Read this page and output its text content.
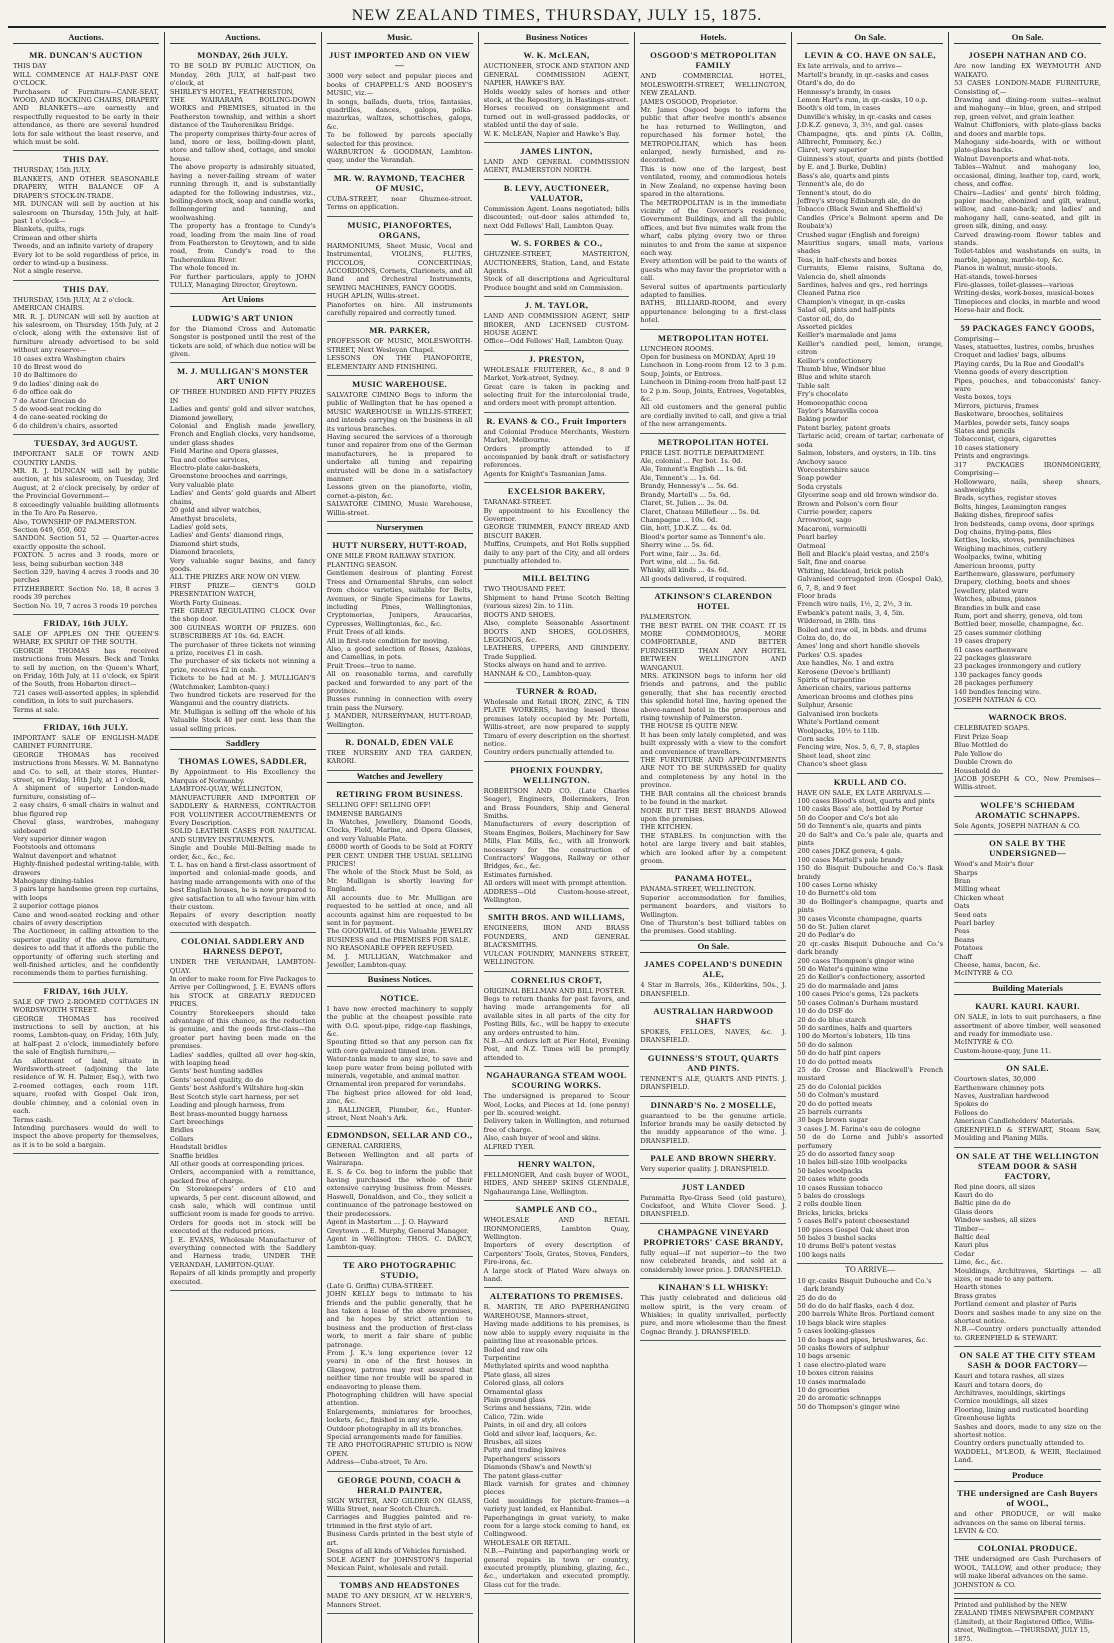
NEW ZEALAND TIMES, THURSDAY, JULY 15, 1875.
Auctions.
MR. DUNCAN'S AUCTION
THIS DAY
WILL COMMENCE AT HALF-PAST ONE O'CLOCK.
Purchasers of Furniture—CANE-SEAT, WOOD, AND ROCKING CHAIRS, DRAPERY AND BLANKETS—are earnestly and respectfully requested to be early in their attendance, as there are several hundred lots for sale without the least reserve, and which must be sold.
THIS DAY.
THURSDAY, 15th JULY.
BLANKETS, AND OTHER SEASONABLE DRAPERY, WITH BALANCE OF A DRAPER'S STOCK-IN-TRADE.
MR. DUNCAN will sell by auction at his salesroom on Thursday, 15th July, at half-past 1 o'clock—
Blankets, quilts, rugs
Crimean and other shirts
Tweeds, and an infinite variety of drapery
Every lot to be sold regardless of price, in order to wind-up a business.
Not a single reserve.
THIS DAY.
THURSDAY, 15th JULY, At 2 o'clock.
AMERICAN CHAIRS.
MR. R. J. DUNCAN will sell by auction at his salesroom, on Thursday, 15th July, at 2 o'clock, along with the extensive list of furniture already advertised to be sold without any reserve—
10 cases extra Washington chairs
10 do Brest wood do
10 do Baltimore do
9 do ladies' dining oak do
6 do office oak do
7 do Astor Grecian do
5 do wood-seat rocking do
4 do cane-seated rocking do
6 do children's chairs, assorted
TUESDAY, 3rd AUGUST.
IMPORTANT SALE OF TOWN AND COUNTRY LANDS.
MR. R. J. DUNCAN will sell by public auction, at his salesroom, on Tuesday, 3rd August, at 2 o'clock precisely, by order of the Provincial Government—
8 exceedingly valuable building allotments in the Te Aro Pa Reserve.
Also, TOWNSHIP OF PALMERSTON.
Section 649, 650, 602
SANDON. Section 51, 52 — Quarter-acres exactly opposite the school.
FOXTON. 5 acres and 3 roods, more or less, being suburban section 348
Section 329, having 4 acres 3 roods and 30 perches
FITZHERBERT. Section No. 18, 8 acres 3 roods 39 perches
Section No. 19, 7 acres 3 roods 19 perches
FRIDAY, 16th JULY.
SALE OF APPLES ON THE QUEEN'S WHARF, EX SPIRIT OF THE SOUTH.
GEORGE THOMAS has received instructions from Messrs. Beck and Tonks to sell by auction, on the Queen's Wharf, on Friday, 16th July, at 11 o'clock, ex Spirit of the South, from Hobarton direct—
721 cases well-assorted apples, in splendid condition, in lots to suit purchasers.
Terms at sale.
FRIDAY, 16th JULY.
IMPORTANT SALE OF ENGLISH-MADE CABINET FURNITURE.
GEORGE THOMAS has received instructions from Messrs. W. M. Bannatyne and Co. to sell, at their stores, Hunter-street, on Friday, 16th July, at 1 o'clock,
A shipment of superior London-made furniture, consisting of—
2 easy chairs, 6 small chairs in walnut and blue figured rep
Cheval glass, wardrobes, mahogany sideboard
Very superior dinner wagon
Footstools and ottomans
Walnut davenport and whatnot
Highly-finished pedestal writing-table, with drawers
Mahogany dining-tables
3 pairs large handsome green rep curtains, with loops
2 superior cottage pianos
Cane and wood-seated rocking and other chairs of every description
The Auctioneer, in calling attention to the superior quality of the above furniture, desires to add that it affords the public the opportunity of offering such sterling and well-finished articles, and he confidently recommends them to parties furnishing.
FRIDAY, 16th JULY.
SALE OF TWO 2-ROOMED COTTAGES IN WORDSWORTH STREET.
GEORGE THOMAS has received instructions to sell by auction, at his rooms, Lambton-quay, on Friday, 16th July, at half-past 2 o'clock, immediately before the sale of English furniture,—
An allotment of land, situate in Wordsworth-street (adjoining the late residence of W. H. Palmer, Esq.), with two 2-roomed cottages, each room 11ft. square, roofed with Gospel Oak iron, double chimney, and a colonial oven in each.
Terms cash.
Intending purchasers would do well to inspect the above property for themselves, as it is to be sold a bargain.
Auctions.
MONDAY, 26th JULY.
TO BE SOLD BY PUBLIC AUCTION, On Monday, 26th JULY, at half-past two o'clock, at
SHIRLEY'S HOTEL, FEATHERSTON,
THE WAIRARAPA BOILING-DOWN WORKS and PREMISES, situated in the Featherston township, and within a short distance of the Tauherenikau Bridge.
The property comprises thirty-four acres of land, more or less, boiling-down plant, store and tallow shed, cottage, and smoke house.
The above property is admirably situated, having a never-failing stream of water running through it, and is substantially adapted for the following industries, viz., boiling-down stock, soap and candle works, fellmongering and tanning, and woolwashing.
The property has a frontage to Cundy's road, leading from the main line of road from Featherston to Greytown, and to side road, from Cundy's road to the Tauherenikau River.
The whole fenced in.
For further particulars, apply to JOHN TULLY, Managing Director, Greytown.
Art Unions
LUDWIG'S ART UNION
for the Diamond Cross and Automatic Songster is postponed until the rest of the tickets are sold, of which due notice will be given.
M. J. MULLIGAN'S MONSTER ART UNION
OF THREE HUNDRED AND FIFTY PRIZES IN
Ladies and gents' gold and silver watches, Diamond jewellery,
Colonial and English made jewellery, French and English clocks, very handsome, under glass shades
Field Marine and Opera glasses,
Tea and coffee services,
Electro-plate cake-baskets,
Greenstone brooches and earrings,
Very valuable plate
Ladies' and Gents' gold guards and Albert chains,
20 gold and silver watches,
Amethyst bracelets,
Ladies' gold sets,
Ladies' and Gents' diamond rings,
Diamond shirt studs,
Diamond bracelets,
Very valuable sugar basins, and fancy goods.
ALL THE PRIZES ARE NOW ON VIEW.
FIRST PRIZE— GENT'S GOLD PRESENTATION WATCH,
Worth Forty Guineas.
THE GREAT REGULATING CLOCK Over the shop door.
300 GUINEAS WORTH OF PRIZES. 600 SUBSCRIBERS AT 10s. 6d. EACH.
The purchaser of three tickets not winning a prize, receives £1 in cash.
The purchaser of six tickets not winning a prize, receives £2 in cash.
Tickets to be had at M. J. MULLIGAN'S (Watchmaker, Lambton-quay.)
Two hundred tickets are reserved for the Wanganui and the country districts.
Mr. Mulligan is selling off the whole of his Valuable Stock 40 per cent. less than the usual selling prices.
Saddlery
THOMAS LOWES, SADDLER,
By Appointment to His Excellency the Marquis of Normanby.
LAMBTON-QUAY, WELLINGTON,
MANUFACTURER AND IMPORTER OF SADDLERY & HARNESS, CONTRACTOR FOR VOLUNTEER ACCOUTREMENTS Of Every Description.
SOLID LEATHER CASES FOR NAUTICAL AND SURVEY INSTRUMENTS.
Single and Double Mill-Belting made to order, &c., &c., &c.
T. L. has on hand a first-class assortment of imported and colonial-made goods, and having made arrangements with one of the best English houses, he is now prepared to give satisfaction to all who favour him with their custom.
Repairs of every description neatly executed with despatch.
COLONIAL SADDLERY AND HARNESS DEPOT,
UNDER THE VERANDAH, LAMBTON-QUAY.
In order to make room for Five Packages to Arrive per Collingwood, J. E. EVANS offers his STOCK at GREATLY REDUCED PRICES.
Country Storekeepers should take advantage of this chance, as the reduction is genuine, and the goods first-class—the greater part having been made on the premises.
Ladies' saddles, quilted all over hog-skin, with leaping head
Gents' best hunting saddles
Gents' second quality, do do
Gents' best Ashford's Wiltshire hog-skin
Best Scotch style cart harness, per set
Leading and plough harness, from
Best brass-mounted buggy harness
Cart breechings
Bridles
Collars
Headstall bridles
Snaffle bridles
All other goods at corresponding prices.
Orders, accompanied with a remittance, packed free of charge.
On Storekeepers' orders of £10 and upwards, 5 per cent. discount allowed, and cash sale, which will continue until sufficient room is made for goods to arrive.
Orders for goods not in stock will be executed at the reduced prices.
J. E. EVANS, Wholesale Manufacturer of everything connected with the Saddlery and Harness trade, UNDER THE VERANDAH, LAMBTON-QUAY.
Repairs of all kinds promptly and properly executed.
Music.
JUST IMPORTED AND ON VIEW—
3000 very select and popular pieces and books of CHAPPELL'S AND BOOSEY'S MUSIC, viz.—
In songs, ballads, duets, trios, fantasias, quadrilles, dances, galops, polka-mazurkas, waltzes, schottisches, galops, &c.
To be followed by parcels specially selected for this province.
WARBURTON & GOODMAN, Lambton-quay, under the Verandah.
MR. W. RAYMOND, TEACHER OF MUSIC,
CUBA-STREET, near Ghuznee-street. Terms on application.
MUSIC, PIANOFORTES, ORGANS,
HARMONIUMS, Sheet Music, Vocal and Instrumental, VIOLINS, FLUTES, PICCOLOS, CONCERTINAS, ACCORDIONS, Cornets, Clarionets, and all Band and Orchestral Instruments, SEWING MACHINES, FANCY GOODS.
HUGH APLIN, Willis-street.
Pianofortes on hire. All instruments carefully repaired and correctly tuned.
MR. PARKER,
PROFESSOR OF MUSIC, MOLESWORTH-STREET, Next Wesleyan Chapel.
LESSONS ON THE PIANOFORTE, ELEMENTARY AND FINISHING.
MUSIC WAREHOUSE.
SALVATORE CIMINO Begs to inform the public of Wellington that he has opened a MUSIC WAREHOUSE in WILLIS-STREET, and intends carrying on the business in all its various branches.
Having secured the services of a thorough tuner and repairer from one of the German manufacturers, he is prepared to undertake all tuning and repairing entrusted will be done in a satisfactory manner.
Lessons given on the pianoforte, violin, cornet-a-piston, &c.
SALVATORE CIMINO, Music Warehouse, Willis-street.
Nurserymen
HUTT NURSERY, HUTT-ROAD,
ONE MILE FROM RAILWAY STATION.
PLANTING SEASON.
Gentlemen desirous of planting Forest Trees and Ornamental Shrubs, can select from choice varieties, suitable for Belts, Avenues, or Single Specimens for Lawns, including Pines, Wellingtonias, Cryptomerias, Junipers, Araucarias, Cypresses, Wellingtonias, &c., &c.
Fruit Trees of all kinds.
All in first-rate condition for moving.
Also, a good selection of Roses, Azaleas, and Camellias, in pots.
Fruit Trees—true to name.
All on reasonable terms, and carefully packed and forwarded to any part of the province.
Busses running in connection with every train pass the Nursery.
J. MANDER, NURSERYMAN, HUTT-ROAD, Wellington.
R. DONALD, EDEN VALE
TREE NURSERY AND TEA GARDEN, KARORI.
Watches and Jewellery
RETIRING FROM BUSINESS.
SELLING OFF! SELLING OFF!
IMMENSE BARGAINS
In Watches, Jewellery, Diamond Goods, Clocks, Field, Marine, and Opera Glasses, and very Valuable Plate.
£6000 worth of Goods to be Sold at FORTY PER CENT. UNDER THE USUAL SELLING PRICES!
The whole of the Stock Must be Sold, as Mr. Mulligan is shortly leaving for England.
All accounts due to Mr. Mulligan are requested to be settled at once, and all accounts against him are requested to be sent in for payment.
The GOODWILL of this Valuable JEWELRY BUSINESS and the PREMISES FOR SALE.
NO REASONABLE OFFER REFUSED.
M. J. MULLIGAN, Watchmaker and Jeweller, Lambton-quay.
Business Notices.
NOTICE.
I have now erected machinery to supply the public at the cheapest possible rate with O.G. spout-pipe, ridge-cap flashings, &c.
Spouting fitted so that any person can fix with core galvanized tinned iron.
Water-tanks made to any size, to save and keep pure water from being polluted with minerals, vegetable, and animal matter.
Ornamental iron prepared for verandahs.
The highest price allowed for old lead, zinc, &c.
J. BALLINGER, Plumber, &c., Hunter-street, Next Noah's Ark.
EDMONDSON, SELLAR AND CO.,
GENERAL CARRIERS,
Between Wellington and all parts of Wairarapa.
E. S. & Co. beg to inform the public that having purchased the whole of their extensive carrying business from Messrs. Haswell, Donaldson, and Co., they solicit a continuance of the patronage bestowed on their predecessors.
Agent in Masterton ... J. O. Hayward
Greytown ... E. Murphy, General Manager.
Agent in Wellington: THOS. C. DARCY, Lambton-quay.
TE ARO PHOTOGRAPHIC STUDIO,
(Late G. Griffin) CUBA-STREET.
JOHN KELLY begs to intimate to his friends and the public generally, that he has taken a lease of the above premises, and he hopes by strict attention to business and the production of first-class work, to merit a fair share of public patronage.
From J. K.'s long experience (over 12 years) in one of the first houses in Glasgow, patrons may rest assured that neither time nor trouble will be spared in endeavoring to please them.
Photographing children will have special attention.
Enlargements, miniatures for brooches, lockets, &c., finished in any style.
Outdoor photography in all its branches.
Special arrangements made for families.
TE ARO PHOTOGRAPHIC STUDIO is NOW OPEN.
Address—Cuba-street, Te Aro.
GEORGE POUND, COACH & HERALD PAINTER,
SIGN WRITER, AND GILDER ON GLASS, Willis Street, near Scotch Church.
Carriages and Buggies painted and re-trimmed in the first style of art.
Business Cards printed in the best style of art.
Designs of all kinds of Vehicles furnished.
SOLE AGENT for JOHNSTON'S Imperial Mexican Paint, wholesale and retail.
TOMBS AND HEADSTONES
MADE TO ANY DESIGN, AT W. HELYER'S, Manners Street.
Business Notices
W. K. McLEAN,
AUCTIONEER, STOCK AND STATION AND GENERAL COMMISSION AGENT, NAPIER, HAWKE'S BAY.
Holds weekly sales of horses and other stock, at the Repository, in Hastings-street.
Horses received on consignment and turned out in well-grassed paddocks, or stabled until the day of sale.
W. K. McLEAN, Napier and Hawke's Bay.
JAMES LINTON,
LAND AND GENERAL COMMISSION AGENT, PALMERSTON NORTH.
B. LEVY, AUCTIONEER, VALUATOR,
Commission Agent. Loans negotiated; bills discounted; out-door sales attended to, next Odd Fellows' Hall, Lambton Quay.
W. S. FORBES & CO.,
GHUZNEE-STREET, MASTERTON, AUCTIONEERS, Station, Land, and Estate Agents.
Stock of all descriptions and Agricultural Produce bought and sold on Commission.
J. M. TAYLOR,
LAND AND COMMISSION AGENT, SHIP BROKER, AND LICENSED CUSTOM-HOUSE AGENT.
Office—Odd Fellows' Hall, Lambton Quay.
J. PRESTON,
WHOLESALE FRUITERER, &c., 8 and 9 Market, York-street, Sydney.
Great care is taken in packing and selecting fruit for the intercolonial trade, and orders meet with prompt attention.
R. EVANS & CO., Fruit Importers
and Colonial Produce Merchants, Western Market, Melbourne.
Orders promptly attended to if accompanied by bank draft or satisfactory references.
Agents for Knight's Tasmanian Jams.
EXCELSIOR BAKERY,
TARANAKI-STREET.
By appointment to his Excellency the Governor.
GEORGE TRIMMER, FANCY BREAD AND BISCUIT BAKER.
Muffins, Crumpets, and Hot Rolls supplied daily to any part of the City, and all orders punctually attended to.
MILL BELTING
TWO THOUSAND FEET.
Shipment to hand Prime Scotch Belting (various sizes) 2in. to 11in.
BOOTS AND SHOES.
Also, complete Seasonable Assortment BOOTS AND SHOES, GOLOSHES, LEGGINGS, &c.
LEATHERS, UPPERS, AND GRINDERY. Trade Supplied.
Stocks always on hand and to arrive.
HANNAH & CO., Lambton-quay.
TURNER & ROAD,
Wholesale and Retail IRON, ZINC, & TIN PLATE WORKERS, having leased those premises lately occupied by Mr. Portelli, Willis-street, are now prepared to supply Timaru of every description on the shortest notice.
Country orders punctually attended to.
PHOENIX FOUNDRY, WELLINGTON.
ROBERTSON AND CO. (Late Charles Seager), Engineers, Boilermakers, Iron and Brass Founders, Ship and General Smiths.
Manufacturers of every description of Steam Engines, Boilers, Machinery for Saw Mills, Flax Mills, &c., with all Ironwork necessary for the construction of Contractors' Waggons, Railway or other Bridges, &c., &c.
Estimates furnished.
All orders will meet with prompt attention.
ADDRESS—Old Custom-house-street, Wellington.
SMITH BROS. AND WILLIAMS,
ENGINEERS, IRON AND BRASS FOUNDERS, AND GENERAL BLACKSMITHS.
VULCAN FOUNDRY, MANNERS STREET, WELLINGTON.
CORNELIUS CROFT,
ORIGINAL BELLMAN AND BILL POSTER.
Begs to return thanks for past favors, and having made arrangements for all available sites in all parts of the city for Posting Bills, &c., will be happy to execute any orders entrusted to him.
N.B.—All orders left at Pier Hotel, Evening Post, and N.Z. Times will be promptly attended to.
NGAHAURANGA STEAM WOOL SCOURING WORKS.
The undersigned is prepared to Scour Wool, Locks, and Pieces at 1d. (one penny) per lb. scoured weight.
Delivery taken in Wellington, and returned free of charge.
Also, cash buyer of wool and skins.
ALFRED TYER.
HENRY WALTON,
FELLMONGER, And cash buyer of WOOL, HIDES, AND SHEEP SKINS GLENDALE, Ngahauranga Line, Wellington.
SAMPLE AND CO.,
WHOLESALE AND RETAIL IRONMONGERS, Lambton Quay, Wellington.
Importers of every description of Carpenters' Tools, Grates, Stoves, Fenders, Fire-irons, &c.
A large stock of Plated Ware always on hand.
ALTERATIONS TO PREMISES.
R. MARTIN, TE ARO PAPERHANGING WAREHOUSE, Manners-street,
Having made additions to his premises, is now able to supply every requisite in the painting line at reasonable prices.
Boiled and raw oils
Turpentine
Methylated spirits and wood naphtha
Plate glass, all sizes
Colored glass, all colors
Ornamental glass
Plain ground glass
Scrims and hessians, 72in. wide
Calico, 72in. wide
Paints, in oil and dry, all colors
Gold and silver leaf, lacquers, &c.
Brushes, all sizes
Putty and trading knives
Paperhangers' scissors
Diamonds (Shaw's and Newth's)
The patent glass-cutter
Black varnish for grates and chimney pieces
Gold mouldings for picture-frames—a variety just landed, ex Hannibal.
Paperhangings in great variety, to make room for a large stock coming to hand, ex Collingwood.
WHOLESALE OR RETAIL.
N.B.—Painting and paperhanging work or general repairs in town or country, executed promptly, plumbing, glazing, &c., &c., undertaken and executed promptly. Glass cut for the trade.
Hotels.
OSGOOD'S METROPOLITAN FAMILY
AND COMMERCIAL HOTEL, MOLESWORTH-STREET, WELLINGTON, NEW ZEALAND.
JAMES OSGOOD, Proprietor.
Mr. James Osgood begs to inform the public that after twelve month's absence he has returned to Wellington, and repurchased his former hotel, the METROPOLITAN, which has been enlarged, newly furnished, and re-decorated.
This is now one of the largest, best ventilated, roomy, and commodious hotels in New Zealand, no expense having been spared in the alterations.
The METROPOLITAN is in the immediate vicinity of the Governor's residence, Government Buildings, and all the public offices, and but five minutes walk from the wharf, cabs plying every two or three minutes to and from the same at sixpence each way.
Every attention will be paid to the wants of guests who may favor the proprietor with a call.
Several suites of apartments particularly adapted to families.
BATHS, BILLIARD-ROOM, and every appurtenance belonging to a first-class hotel.
METROPOLITAN HOTEL
LUNCHEON ROOMS.
Open for business on MONDAY, April 19
Luncheon in Long-room from 12 to 3 p.m. Soup, Joints, or Entrees.
Luncheon in Dining-room from half-past 12 to 2 p.m. Soup, Joints, Entrees, Vegetables, &c.
All old customers and the general public are cordially invited to call, and give a trial of the new arrangements.
METROPOLITAN HOTEL
PRICE LIST. BOTTLE DEPARTMENT.
Ale, colonial ... Per bot. 1s. 0d.
Ale, Tennent's English ... 1s. 6d.
Ale, Tennent's ... 1s. 6d.
Brandy, Hennessy's ... 5s. 6d.
Brandy, Martell's ... 5s. 6d.
Claret, St. Julien ... 3s. 0d.
Claret, Chateau Millefleur ... 5s. 0d.
Champagne ... 10s. 6d.
Gin, bott, J.D.K.Z. ... 4s. 0d.
Blood's porter same as Tennent's ale.
Sherry wine ... 5s. 6d.
Port wine, fair ... 3s. 6d.
Port wine, old ... 5s. 6d.
Whisky, all kinds ... 4s. 6d.
All goods delivered, if required.
ATKINSON'S CLARENDON HOTEL
PALMERSTON.
THE BEST PATEL ON THE COAST. IT IS MORE COMMODIOUS, MORE COMFORTABLE, AND BETTER FURNISHED THAN ANY HOTEL BETWEEN WELLINGTON AND WANGANUI.
MRS. ATKINSON begs to inform her old friends and patrons, and the public generally, that she has recently erected this splendid hotel line, having opened the above-named hotel in the prosperous and rising township of Palmerston.
THE HOUSE IS QUITE NEW.
It has been only lately completed, and was built expressly with a view to the comfort and convenience of travellers.
THE FURNITURE AND APPOINTMENTS ARE NOT TO BE SURPASSED for quality and completeness by any hotel in the province.
THE BAR contains all the choicest brands to be found in the market.
NONE BUT THE BEST BRANDS Allowed upon the premises.
THE KITCHEN.
THE STABLES. In conjunction with the hotel are large livery and bait stables, which are looked after by a competent groom.
PANAMA HOTEL,
PANAMA-STREET, WELLINGTON.
Superior accommodation for families, permanent boarders, and visitors to Wellington.
One of Thurston's best billiard tables on the premises. Good stabling.
On Sale.
JAMES COPELAND'S DUNEDIN ALE,
4 Star in Barrels, 36s., Kilderkins, 50s., J. DRANSFIELD.
AUSTRALIAN HARDWOOD SHAFTS
SPOKES, FELLOES, NAVES, &c. J. DRANSFIELD.
GUINNESS'S STOUT, QUARTS AND PINTS.
TENNENT'S ALE, QUARTS AND PINTS. J. DRANSFIELD.
DINNARD'S No. 2 MOSELLE,
guaranteed to be the genuine article. Inferior brands may be easily detected by the muddy appearance of the wine. J. DRANSFIELD.
PALE AND BROWN SHERRY.
Very superior quality. J. DRANSFIELD.
JUST LANDED
Paramatta Rye-Grass Seed (old pasture), Cocksfoot, and White Clover Seed. J. DRANSFIELD.
CHAMPAGNE VINEYARD PROPRIETORS' CASE BRANDY,
fully equal—if not superior—to the two now celebrated brands, and sold at a considerably lower price. J. DRANSFIELD.
KINAHAN'S LL WHISKY:
This justly celebrated and delicious old mellow spirit, is the very cream of Whiskies; in quality unrivalled, perfectly pure, and more wholesome than the finest Cognac Brandy. J. DRANSFIELD.
On Sale.
LEVIN & CO. HAVE ON SALE,
Ex late arrivals, and to arrive—
Martell's brandy, in qr.-casks and cases
Otard's do, do do
Hennessy's brandy, in cases
Lemon Hart's rum, in qr.-casks, 10 o.p.
Booth's old tom, in cases
Dunville's whisky, in qr.-casks and cases
J.D.K.Z. geneva, 3, 3½, and gal. cases
Champagne, qts. and pints (A. Collin, Allbrecht, Pommery, &c.)
Claret, very superior
Guinness's stout, quarts and pints (bottled by E. and J. Burke, Dublin)
Bass's ale, quarts and pints
Tennent's ale, do do
Tennent's stout, do do
Jeffrey's strong Edinburgh ale, do do
Tobacco (Black Swan and Sheffield's)
Candles (Price's Belmont sperm and De Roubaix's)
Crushed sugar (English and foreign)
Mauritius sugars, small mats, various shades
Teas, in half-chests and boxes
Currants, Eleme raisins, Sultana do, Valencia do, shell almonds
Sardines, halves and qrs., red herrings
Cleaned Patna rice
Champion's vinegar, in qr.-casks
Salad oil, pints and half-pints
Castor oil, do, do
Assorted pickles
Keiller's marmalade and jams
Keiller's candied peel, lemon, orange, citron
Keiller's confectionery
Thumb blue, Windsor blue
Blue and white starch
Table salt
Fry's chocolate
Homoeopathic cocoa
Taylor's Maravilla cocoa
Baking powder
Patent barley, patent groats
Tartaric acid, cream of tartar, carbonate of soda
Salmon, lobsters, and oysters, in 1lb. tins
Anchovy sauce
Worcestershire sauce
Soap powder
Soda crystals
Glycerine soap and old brown windsor do.
Brown and Polson's corn flour
Currie powder, capers
Arrowroot, sago
Macaroni, vermicelli
Pearl barley
Oatmeal
Bell and Black's plaid vestas, and 250's
Salt, fine and coarse
Whiting, blacklead, brick polish
Galvanised corrugated iron (Gospel Oak), 6, 7, 8, and 9 feet
Floor brads
French wire nails, 1½, 2, 2½, 3 in.
Ewbank's patent nails, 3, 4, 5in.
Wilderoad, in 28lb. tins
Boiled and raw oil, in bbds. and drums
Colza do, do, do
Ames' long and short handle shovels
Parkes' O.S. spades
Axe handles, No. 1 and extra
Kerosene (Devoe's brilliant)
Spirits of turpentine
American chairs, various patterns
American brooms and clothes pins
Sulphur, Arsenic
Galvanised iron buckets
White's Portland cement
Woolpacks, 10½ to 11lb.
Corn sacks
Fencing wire, Nos. 5, 6, 7, 8, staples
Sheet lead, sheet zinc
Chance's sheet glass
KRULL AND CO.
HAVE ON SALE, EX LATE ARRIVALS.—
100 cases Blood's stout, quarts and pints
100 casks Bass' ale, bottled by Porter
50 do Cooper and Co's bot ale
50 do Tennent's ale, quarts and pints
20 do Salt's and Co.'s pale ale, quarts and pints
200 cases JDKZ geneva, 4 gals.
100 cases Martell's pale brandy
150 do Bisquit Dubouche and Co.'s flask brandy
100 cases Lorne whisky
10 do Burnett's old tom
30 do Bollinger's champagne, quarts and pints
30 cases Vicomte champagne, quarts
50 do St. Julien claret
20 do Pedlar's do
20 qr.-casks Bisquit Dubouche and Co.'s dark brandy
200 cases Thompson's ginger wine
50 do Water's quinine wine
25 do Keiller's confectionery, assorted
25 do do marmalade and jams
100 cases Price's gems, 12s packets
50 cases Colman's Durham mustard
10 do do DSF do
20 do do blue starch
50 do sardines, halfs and quarters
100 do Morton's lobsters, 1lb tins
50 do do salmon
50 do do half pint capers
10 do do potted meats
25 do Crosse and Blackwell's French mustard
25 do do Colonial pickles
50 do Colman's mustard
20 do do potted meats
25 barrels currants
30 bags brown sugar
3 cases J. M. Farina's eau de cologne
50 do do Lorne and Jubb's assorted perfumery
25 do do assorted fancy soap
10 bales bill-size 10lb woolpacks
50 bales woolpacks
20 cases white goods
10 cases Russian tobacco
5 bales do crosslegs
2 rolls double linen
Bricks, bricks, bricks
5 cases Bell's patent cheesestand
100 pieces Gospel Oak sheet iron
50 bales 3 bushel sacks
10 drums Bell's patent vestas
100 kegs nails
TO ARRIVE—
10 qr.-casks Bisquit Dubouche and Co.'s dark brandy
25 do do do
50 do do do half flasks, each 4 doz.
200 barrels White Bros. Portland cement
10 bags black wire staples
5 cases looking-glasses
10 do bags and pipes, brushwares, &c.
50 casks flowers of sulphur
10 bags arsenic
1 case electro-plated ware
10 boxes citron raisins
10 cases marmalade
10 do groceries
20 do aromatic schnapps
50 do Thompson's ginger wine
On Sale.
JOSEPH NATHAN AND CO.
Are now landing EX WEYMOUTH AND WAIKATO.
53 CASES LONDON-MADE FURNITURE, Consisting of,—
Drawing and dining-room suites—walnut and mahogany—in blue, green, and striped rep, green velvet, and grain leather.
Walnut Chiffoniers, with plate-glass backs and doors and marble tops.
Mahogany side-boards, with or without plate-glass backs.
Walnut Davenports and what-nots.
Tables—Walnut and mahogany loo, occasional, dining, leather top, card, work, chess, and coffee.
Chairs—Ladies' and gents' birch folding, papier mache, ebonized and gilt, walnut, willow, and cane-back; and ladies' and mahogany hall, cane-seated, and gilt in green silk, dining, and easy.
Carved drawing-room flower tables and stands.
Toilet-tables and washstands en suits, in marble, japonay, marble-top, &c.
Pianos in walnut, music-stools.
Hat-stands, towel-horses
Fire-glasses, toilet-glasses—various
Writing-desks, work-boxes, musical-boxes
Timepieces and clocks, in marble and wood
Horse-hair and flock.
59 PACKAGES FANCY GOODS,
Comprising—
Vases, statuettes, lustres, combs, brushes
Croquet and ladies' bags, albums
Playing cards, Du la Rue and Goodall's
Vienna goods of every description
Pipes, pouches, and tobacconists' fancy-ware
Vesta boxes, toys
Mirrors, pictures, frames
Basketware, brooches, solitaires
Marbles, powder sets, fancy soaps
Slates and pencils
Tobacconist, cigars, cigarettes
10 cases stationery
Prints and engravings.
317 PACKAGES IRONMONGERY, Comprising—
Hollowware, nails, sheep shears, sashweights
Brads, scythes, register stoves
Bolts, hinges, Leamington ranges
Baking dishes, fireproof safes
Iron bedsteads, camp ovens, door springs
Dog chains, frying-pans, files
Kettles, locks, stoves, pennilachines
Weighing machines, cutlery
Woolpacks, twine, whiting
American brooms, putty
Earthenware, glassware, perfumery
Drapery, clothing, boots and shoes
Jewellery, plated ware
Watches, albums, pianos
Brandies in bulk and case
Rum, port and sherry, geneva, old tom
Bottled beer, moselle, champagne, &c.
25 cases summer clothing
19 cases drapery
61 cases earthenware
22 packages glassware
23 packages ironmongery and cutlery
130 packages fancy goods
28 packages perfumery
140 bundles fencing wire.
JOSEPH NATHAN & CO.
WARNOCK BROS.
CELEBRATED SOAPS.
First Prize Soap
Blue Mottled do
Pale Yellow do
Double Crown do
Household do
JACOB JOSEPH & CO., New Premises—Willis-street.
WOLFE'S SCHIEDAM AROMATIC SCHNAPPS.
Sole Agents, JOSEPH NATHAN & CO.
ON SALE BY THE UNDERSIGNED—
Wood's and Moir's flour
Sharps
Bran
Milling wheat
Chicken wheat
Oats
Seed oats
Pearl barley
Peas
Beans
Potatoes
Chaff
Cheese, hams, bacon, &c.
McINTYRE & CO.
Building Materials
KAURI. KAURI. KAURI.
ON SALE, in lots to suit purchasers, a fine assortment of above timber, well seasoned and ready for immediate use.
McINTYRE & CO.
Custom-house-quay, June 11.
ON SALE.
Courtown slates, 30,000
Earthenware chimney pots
Naves, Australian hardwood
Spokes do
Felloes do
American Candleholders' Materials.
GREENFIELD & STEWART, Steam Saw, Moulding and Planing Mills.
ON SALE AT THE WELLINGTON STEAM DOOR & SASH FACTORY,
Red pine doors, all sizes
Kauri do do
Baltic pine do do
Glass doors
Window sashes, all sizes
Timber—
Baltic deal
Kauri plus
Cedar
Lime, &c., &c.
Mouldings, Architraves, Skirtings — all sizes, or made to any pattern.
Hearth stones
Brass grates
Portland cement and plaster of Paris
Doors and sashes made to any size on the shortest notice.
N.B.—Country orders punctually attended to. GREENFIELD & STEWART.
ON SALE AT THE CITY STEAM SASH & DOOR FACTORY—
Kauri and totara rashes, all sizes
Kauri and totara doors, do
Architraves, mouldings, skirtings
Cornice mouldings, all sizes
Flooring, lining and rusticated boarding
Greenhouse lights
Sashes and doors, made to any size on the shortest notice.
Country orders punctually attended to.
WADDELL, M'LEOD, & WEIR, Reclaimed Land.
Produce
THE undersigned are Cash Buyers of WOOL,
and other PRODUCE, or will make advances on the same on liberal terms.
LEVIN & CO.
COLONIAL PRODUCE.
THE undersigned are Cash Purchasers of WOOL, TALLOW, and other produce; they will make liberal advances on the same.
JOHNSTON & CO.
Printed and published by the NEW ZEALAND TIMES NEWSPAPER COMPANY (Limited), at their Registered Office, Willis-street, Wellington.—THURSDAY, JULY 15, 1875.
